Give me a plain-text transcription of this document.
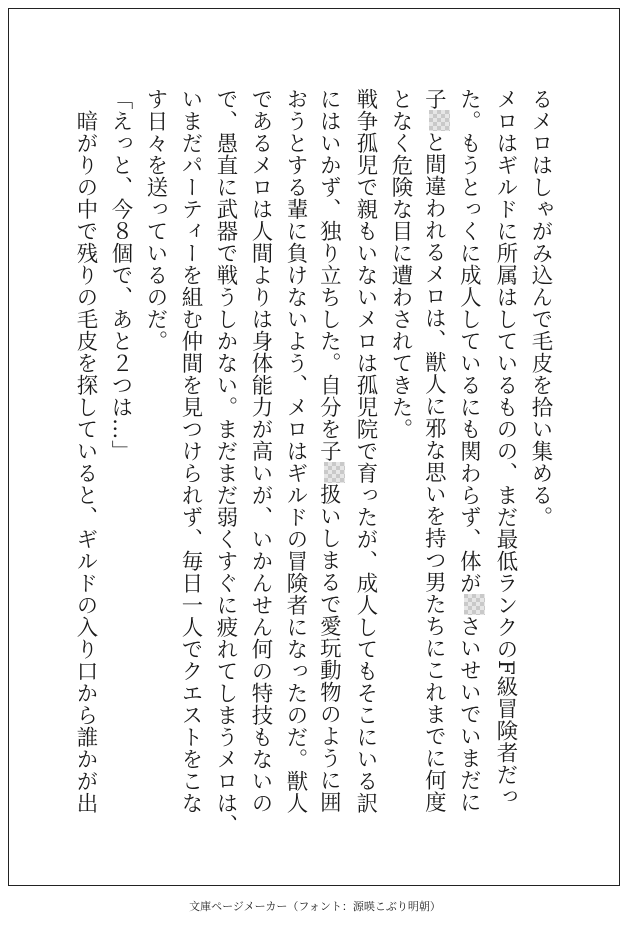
るメロはしゃがみ込んで毛皮を拾い集める。
メロはギルドに所属はしているものの、まだ最低ランクのF級冒険者だっ
た。もうとっくに成人しているにも関わらず、体がさいせいでいまだに
子と間違われるメロは、獣人に邪な思いを持つ男たちにこれまでに何度
となく危険な目に遭わされてきた。
戦争孤児で親もいないメロは孤児院で育ったが、成人してもそこにいる訳
にはいかず、独り立ちした。自分を子扱いしまるで愛玩動物のように囲
おうとする輩に負けないよう、メロはギルドの冒険者になったのだ。獣人
であるメロは人間よりは身体能力が高いが、いかんせん何の特技もないの
で、愚直に武器で戦うしかない。まだまだ弱くすぐに疲れてしまうメロは、
いまだパーティーを組む仲間を見つけられず、毎日一人でクエストをこな
す日々を送っているのだ。
「えっと、今８個で、あと２つは…」
　暗がりの中で残りの毛皮を探していると、ギルドの入り口から誰かが出
文庫ページメーカー（フォント：源暎こぶり明朝）
